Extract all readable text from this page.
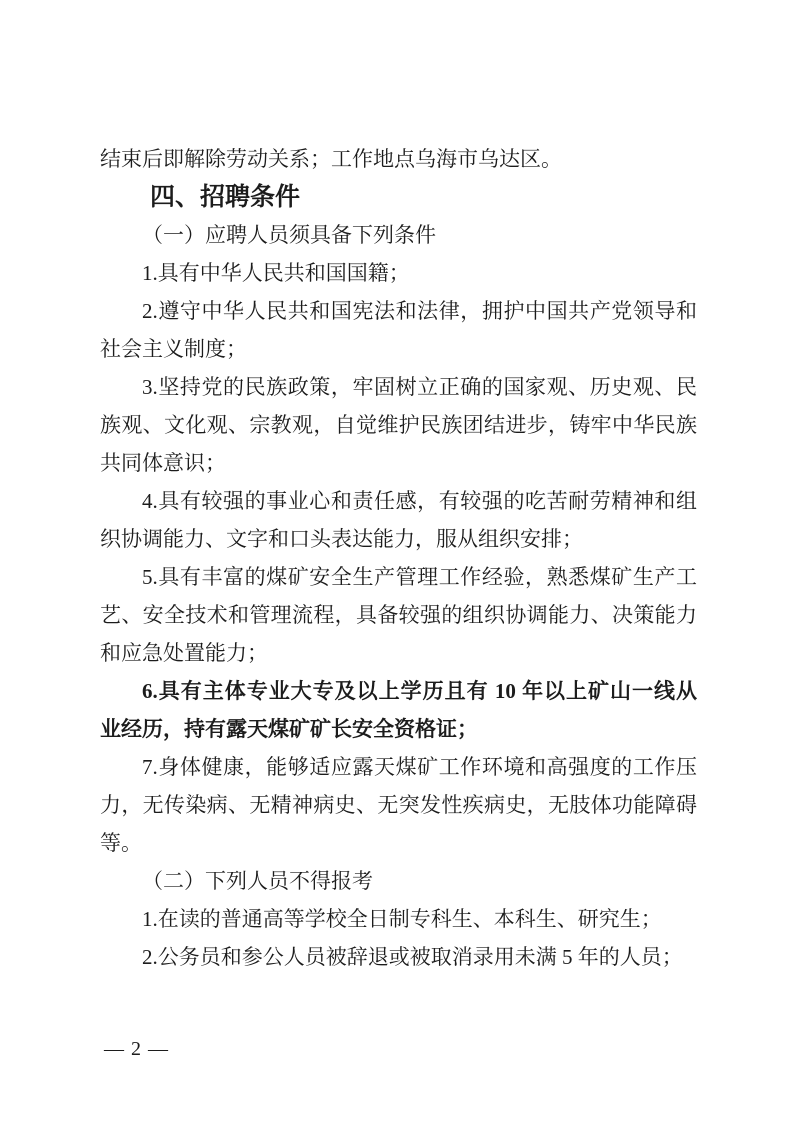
结束后即解除劳动关系；工作地点乌海市乌达区。

四、招聘条件

（一）应聘人员须具备下列条件

1.具有中华人民共和国国籍；

2.遵守中华人民共和国宪法和法律，拥护中国共产党领导和
社会主义制度；

3.坚持党的民族政策，牢固树立正确的国家观、历史观、民
族观、文化观、宗教观，自觉维护民族团结进步，铸牢中华民族
共同体意识；

4.具有较强的事业心和责任感，有较强的吃苦耐劳精神和组
织协调能力、文字和口头表达能力，服从组织安排；

5.具有丰富的煤矿安全生产管理工作经验，熟悉煤矿生产工
艺、安全技术和管理流程，具备较强的组织协调能力、决策能力
和应急处置能力；

6.具有主体专业大专及以上学历且有 10 年以上矿山一线从
业经历，持有露天煤矿矿长安全资格证；

7.身体健康，能够适应露天煤矿工作环境和高强度的工作压
力，无传染病、无精神病史、无突发性疾病史，无肢体功能障碍
等。

（二）下列人员不得报考

1.在读的普通高等学校全日制专科生、本科生、研究生；

2.公务员和参公人员被辞退或被取消录用未满 5 年的人员；

— 2 —
